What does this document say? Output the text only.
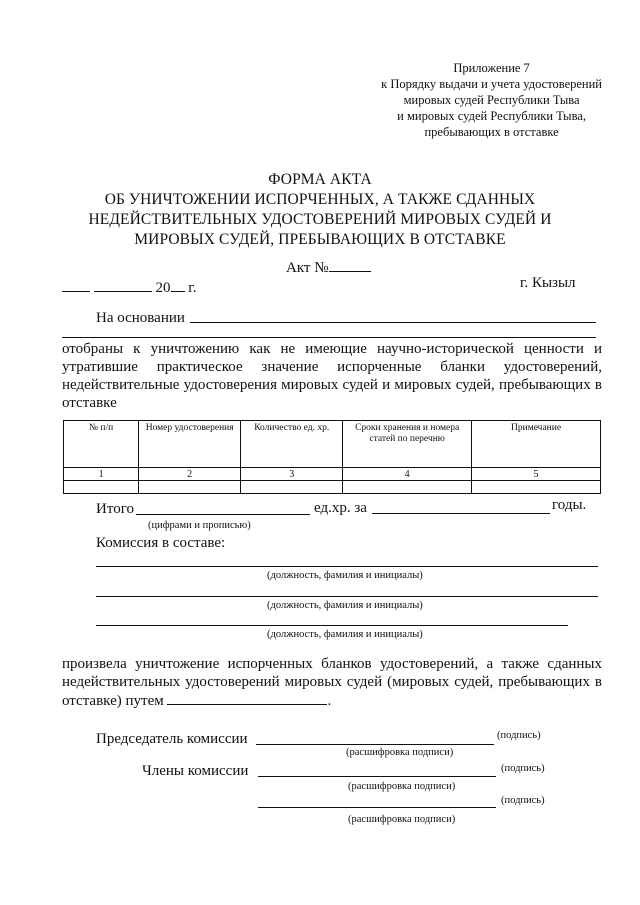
Приложение 7
к Порядку выдачи и учета удостоверений
мировых судей Республики Тыва
и мировых судей Республики Тыва,
пребывающих в отставке
ФОРМА АКТА
ОБ УНИЧТОЖЕНИИ ИСПОРЧЕННЫХ, А ТАКЖЕ СДАННЫХ
НЕДЕЙСТВИТЕЛЬНЫХ УДОСТОВЕРЕНИЙ МИРОВЫХ СУДЕЙ И
МИРОВЫХ СУДЕЙ, ПРЕБЫВАЮЩИХ В ОТСТАВКЕ
Акт №
20 г.	г. Кызыл
На основании
отобраны к уничтожению как не имеющие научно-исторической ценности и утратившие практическое значение испорченные бланки удостоверений, недействительные удостоверения мировых судей и мировых судей, пребывающих в отставке
№ п/п	Номер удостоверения	Количество ед. хр.	Сроки хранения и номера статей по перечню	Примечание
1	2	3	4	5

Итого	ед.хр. за	годы.
(цифрами и прописью)
Комиссия в составе:
(должность, фамилия и инициалы)
(должность, фамилия и инициалы)
(должность, фамилия и инициалы)
произвела уничтожение испорченных бланков удостоверений, а также сданных недействительных удостоверений мировых судей (мировых судей, пребывающих в отставке) путем	.
Председатель комиссии	(подпись)
(расшифровка подписи)
Члены комиссии	(подпись)
(расшифровка подписи)
(подпись)
(расшифровка подписи)
